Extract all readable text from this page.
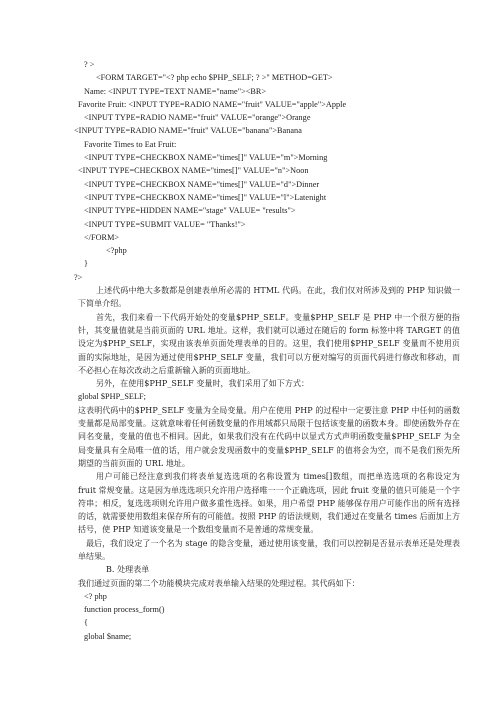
? >
<FORM TARGET="<? php echo $PHP_SELF; ? >" METHOD=GET>
Name: <INPUT TYPE=TEXT NAME="name"><BR>
Favorite Fruit: <INPUT TYPE=RADIO NAME="fruit" VALUE="apple">Apple
<INPUT TYPE=RADIO NAME="fruit" VALUE="orange">Orange
<INPUT TYPE=RADIO NAME="fruit" VALUE="banana">Banana
Favorite Times to Eat Fruit:
<INPUT TYPE=CHECKBOX NAME="times[]" VALUE="m">Morning
<INPUT TYPE=CHECKBOX NAME="times[]" VALUE="n">Noon
<INPUT TYPE=CHECKBOX NAME="times[]" VALUE="d">Dinner
<INPUT TYPE=CHECKBOX NAME="times[]" VALUE="l">Latenight
<INPUT TYPE=HIDDEN NAME="stage" VALUE= "results">
<INPUT TYPE=SUBMIT VALUE= "Thanks!">
</FORM>
<?php
}
?>
上述代码中绝大多数都是创建表单所必需的 HTML 代码。在此，我们仅对所涉及到的 PHP 知识做一下简单介绍。
首先，我们来看一下代码开始处的变量$PHP_SELF。变量$PHP_SELF 是 PHP 中一个很方便的指针，其变量值就是当前页面的 URL 地址。这样，我们就可以通过在随后的 form 标签中将 TARGET 的值设定为$PHP_SELF，实现由该表单页面处理表单的目的。这里，我们使用$PHP_SELF 变量而不使用页面的实际地址，是因为通过使用$PHP_SELF 变量，我们可以方便对编写的页面代码进行修改和移动，而不必担心在每次改动之后重新输入新的页面地址。
另外，在使用$PHP_SELF 变量时，我们采用了如下方式：
global $PHP_SELF;
这表明代码中的$PHP_SELF 变量为全局变量。用户在使用 PHP 的过程中一定要注意 PHP 中任何的函数变量都是局部变量。这就意味着任何函数变量的作用域都只局限于包括该变量的函数本身。即使函数外存在同名变量，变量的值也不相同。因此，如果我们没有在代码中以显式方式声明函数变量$PHP_SELF 为全局变量具有全局唯一值的话，用户就会发现函数中的变量$PHP_SELF 的值将会为空，而不是我们预先所期望的当前页面的 URL 地址。
用户可能已经注意到我们将表单复选选项的名称设置为 times[]数组，而把单选选项的名称设定为 fruit 常规变量。这是因为单选选项只允许用户选择唯一一个正确选项，因此 fruit 变量的值只可能是一个字符串；相反，复选选项则允许用户做多重性选择。如果，用户希望 PHP 能够保存用户可能作出的所有选择的话，就需要使用数组来保存所有的可能值。按照 PHP 的语法规则，我们通过在变量名 times 后面加上方括号，使 PHP 知道该变量是一个数组变量而不是普通的常规变量。
最后，我们设定了一个名为 stage 的隐含变量，通过使用该变量，我们可以控制是否显示表单还是处理表单结果。
B. 处理表单
我们通过页面的第二个功能模块完成对表单输入结果的处理过程。其代码如下：
<? php
function process_form()
{
global $name;
